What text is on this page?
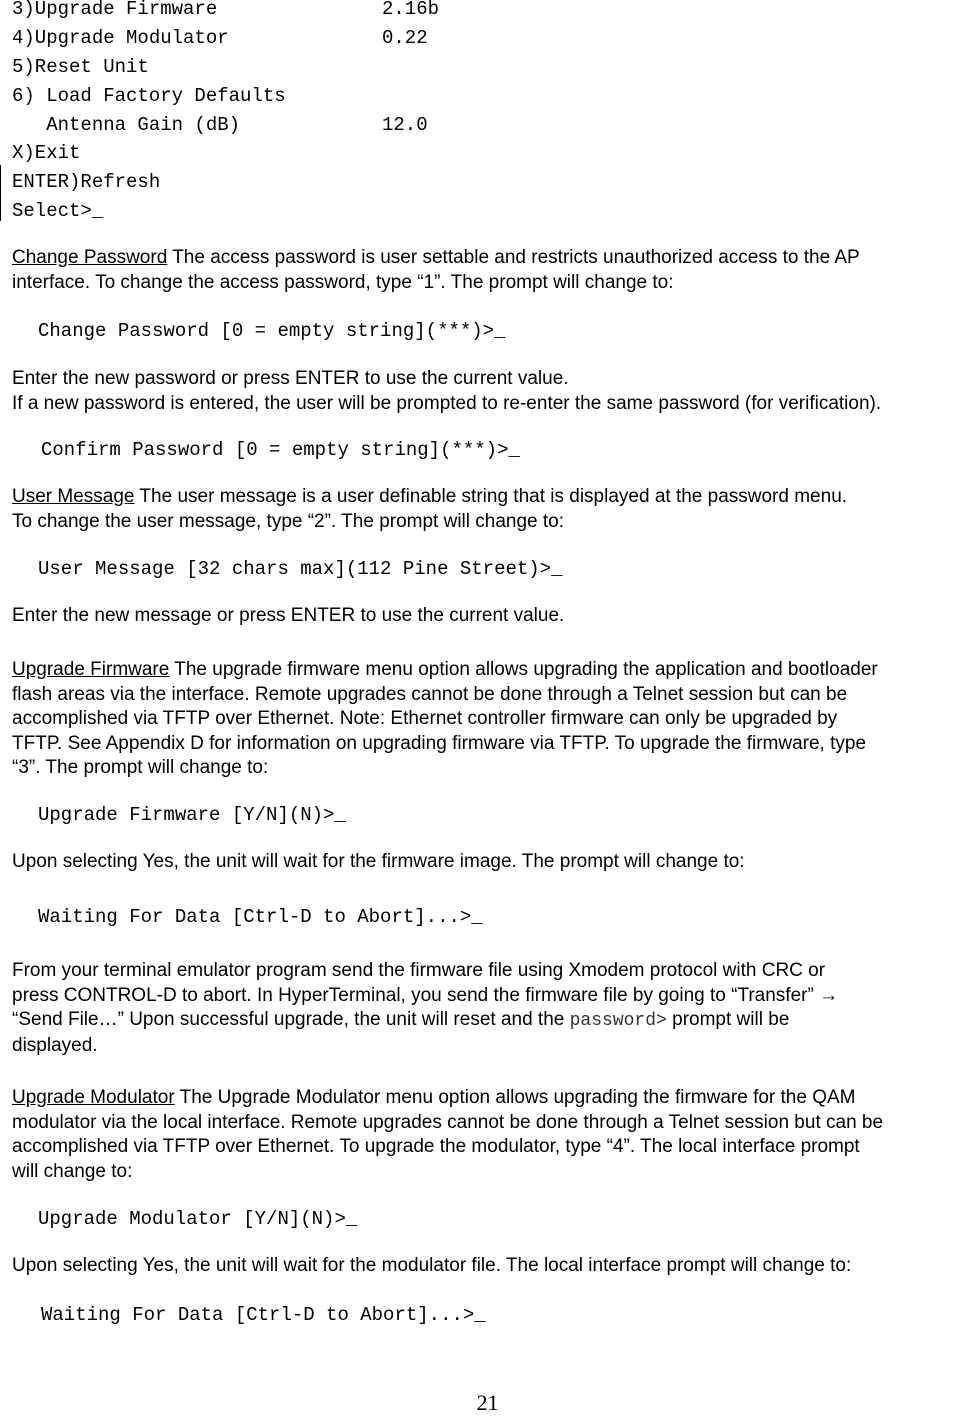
3)Upgrade Firmware	2.16b
4)Upgrade Modulator	0.22
5)Reset Unit
6) Load Factory Defaults
Antenna Gain (dB)	12.0
X)Exit
ENTER)Refresh
Select>_
Change Password The access password is user settable and restricts unauthorized access to the AP
interface. To change the access password, type “1”. The prompt will change to:
Change Password [0 = empty string](***)>_
Enter the new password or press ENTER to use the current value.
If a new password is entered, the user will be prompted to re-enter the same password (for verification).
Confirm Password [0 = empty string](***)>_
User Message The user message is a user definable string that is displayed at the password menu.
To change the user message, type “2”. The prompt will change to:
User Message [32 chars max](112 Pine Street)>_
Enter the new message or press ENTER to use the current value.
Upgrade Firmware The upgrade firmware menu option allows upgrading the application and bootloader
flash areas via the interface. Remote upgrades cannot be done through a Telnet session but can be
accomplished via TFTP over Ethernet. Note: Ethernet controller firmware can only be upgraded by
TFTP. See Appendix D for information on upgrading firmware via TFTP. To upgrade the firmware, type
“3”. The prompt will change to:
Upgrade Firmware [Y/N](N)>_
Upon selecting Yes, the unit will wait for the firmware image. The prompt will change to:
Waiting For Data [Ctrl-D to Abort]...>_
From your terminal emulator program send the firmware file using Xmodem protocol with CRC or
press CONTROL-D to abort. In HyperTerminal, you send the firmware file by going to “Transfer” →
“Send File…” Upon successful upgrade, the unit will reset and the password> prompt will be
displayed.
Upgrade Modulator The Upgrade Modulator menu option allows upgrading the firmware for the QAM
modulator via the local interface. Remote upgrades cannot be done through a Telnet session but can be
accomplished via TFTP over Ethernet. To upgrade the modulator, type “4”. The local interface prompt
will change to:
Upgrade Modulator [Y/N](N)>_
Upon selecting Yes, the unit will wait for the modulator file. The local interface prompt will change to:
Waiting For Data [Ctrl-D to Abort]...>_
21
